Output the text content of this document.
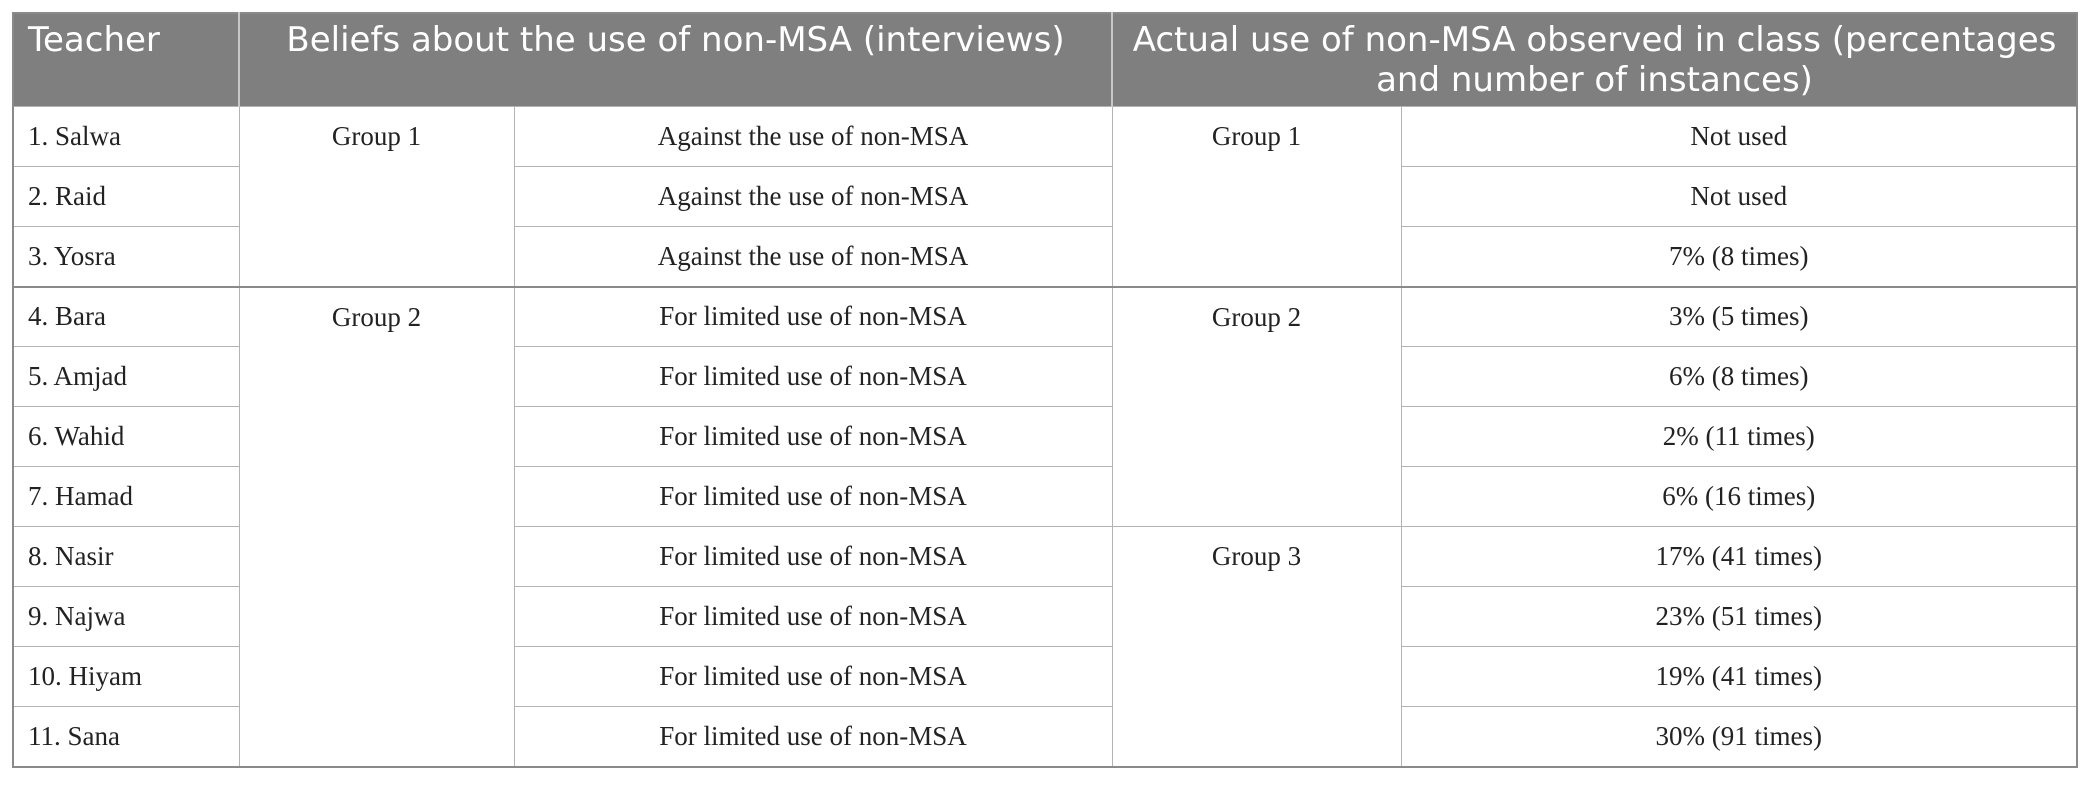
Teacher	Beliefs about the use of non-MSA (interviews)		Actual use of non-MSA observed in class (percentages and number of instances)	
1. Salwa	Group 1	Against the use of non-MSA	Group 1	Not used
2. Raid		Against the use of non-MSA		Not used
3. Yosra		Against the use of non-MSA		7% (8 times)
4. Bara	Group 2	For limited use of non-MSA	Group 2	3% (5 times)
5. Amjad		For limited use of non-MSA		6% (8 times)
6. Wahid		For limited use of non-MSA		2% (11 times)
7. Hamad		For limited use of non-MSA		6% (16 times)
8. Nasir		For limited use of non-MSA	Group 3	17% (41 times)
9. Najwa		For limited use of non-MSA		23% (51 times)
10. Hiyam		For limited use of non-MSA		19% (41 times)
11. Sana		For limited use of non-MSA		30% (91 times)
